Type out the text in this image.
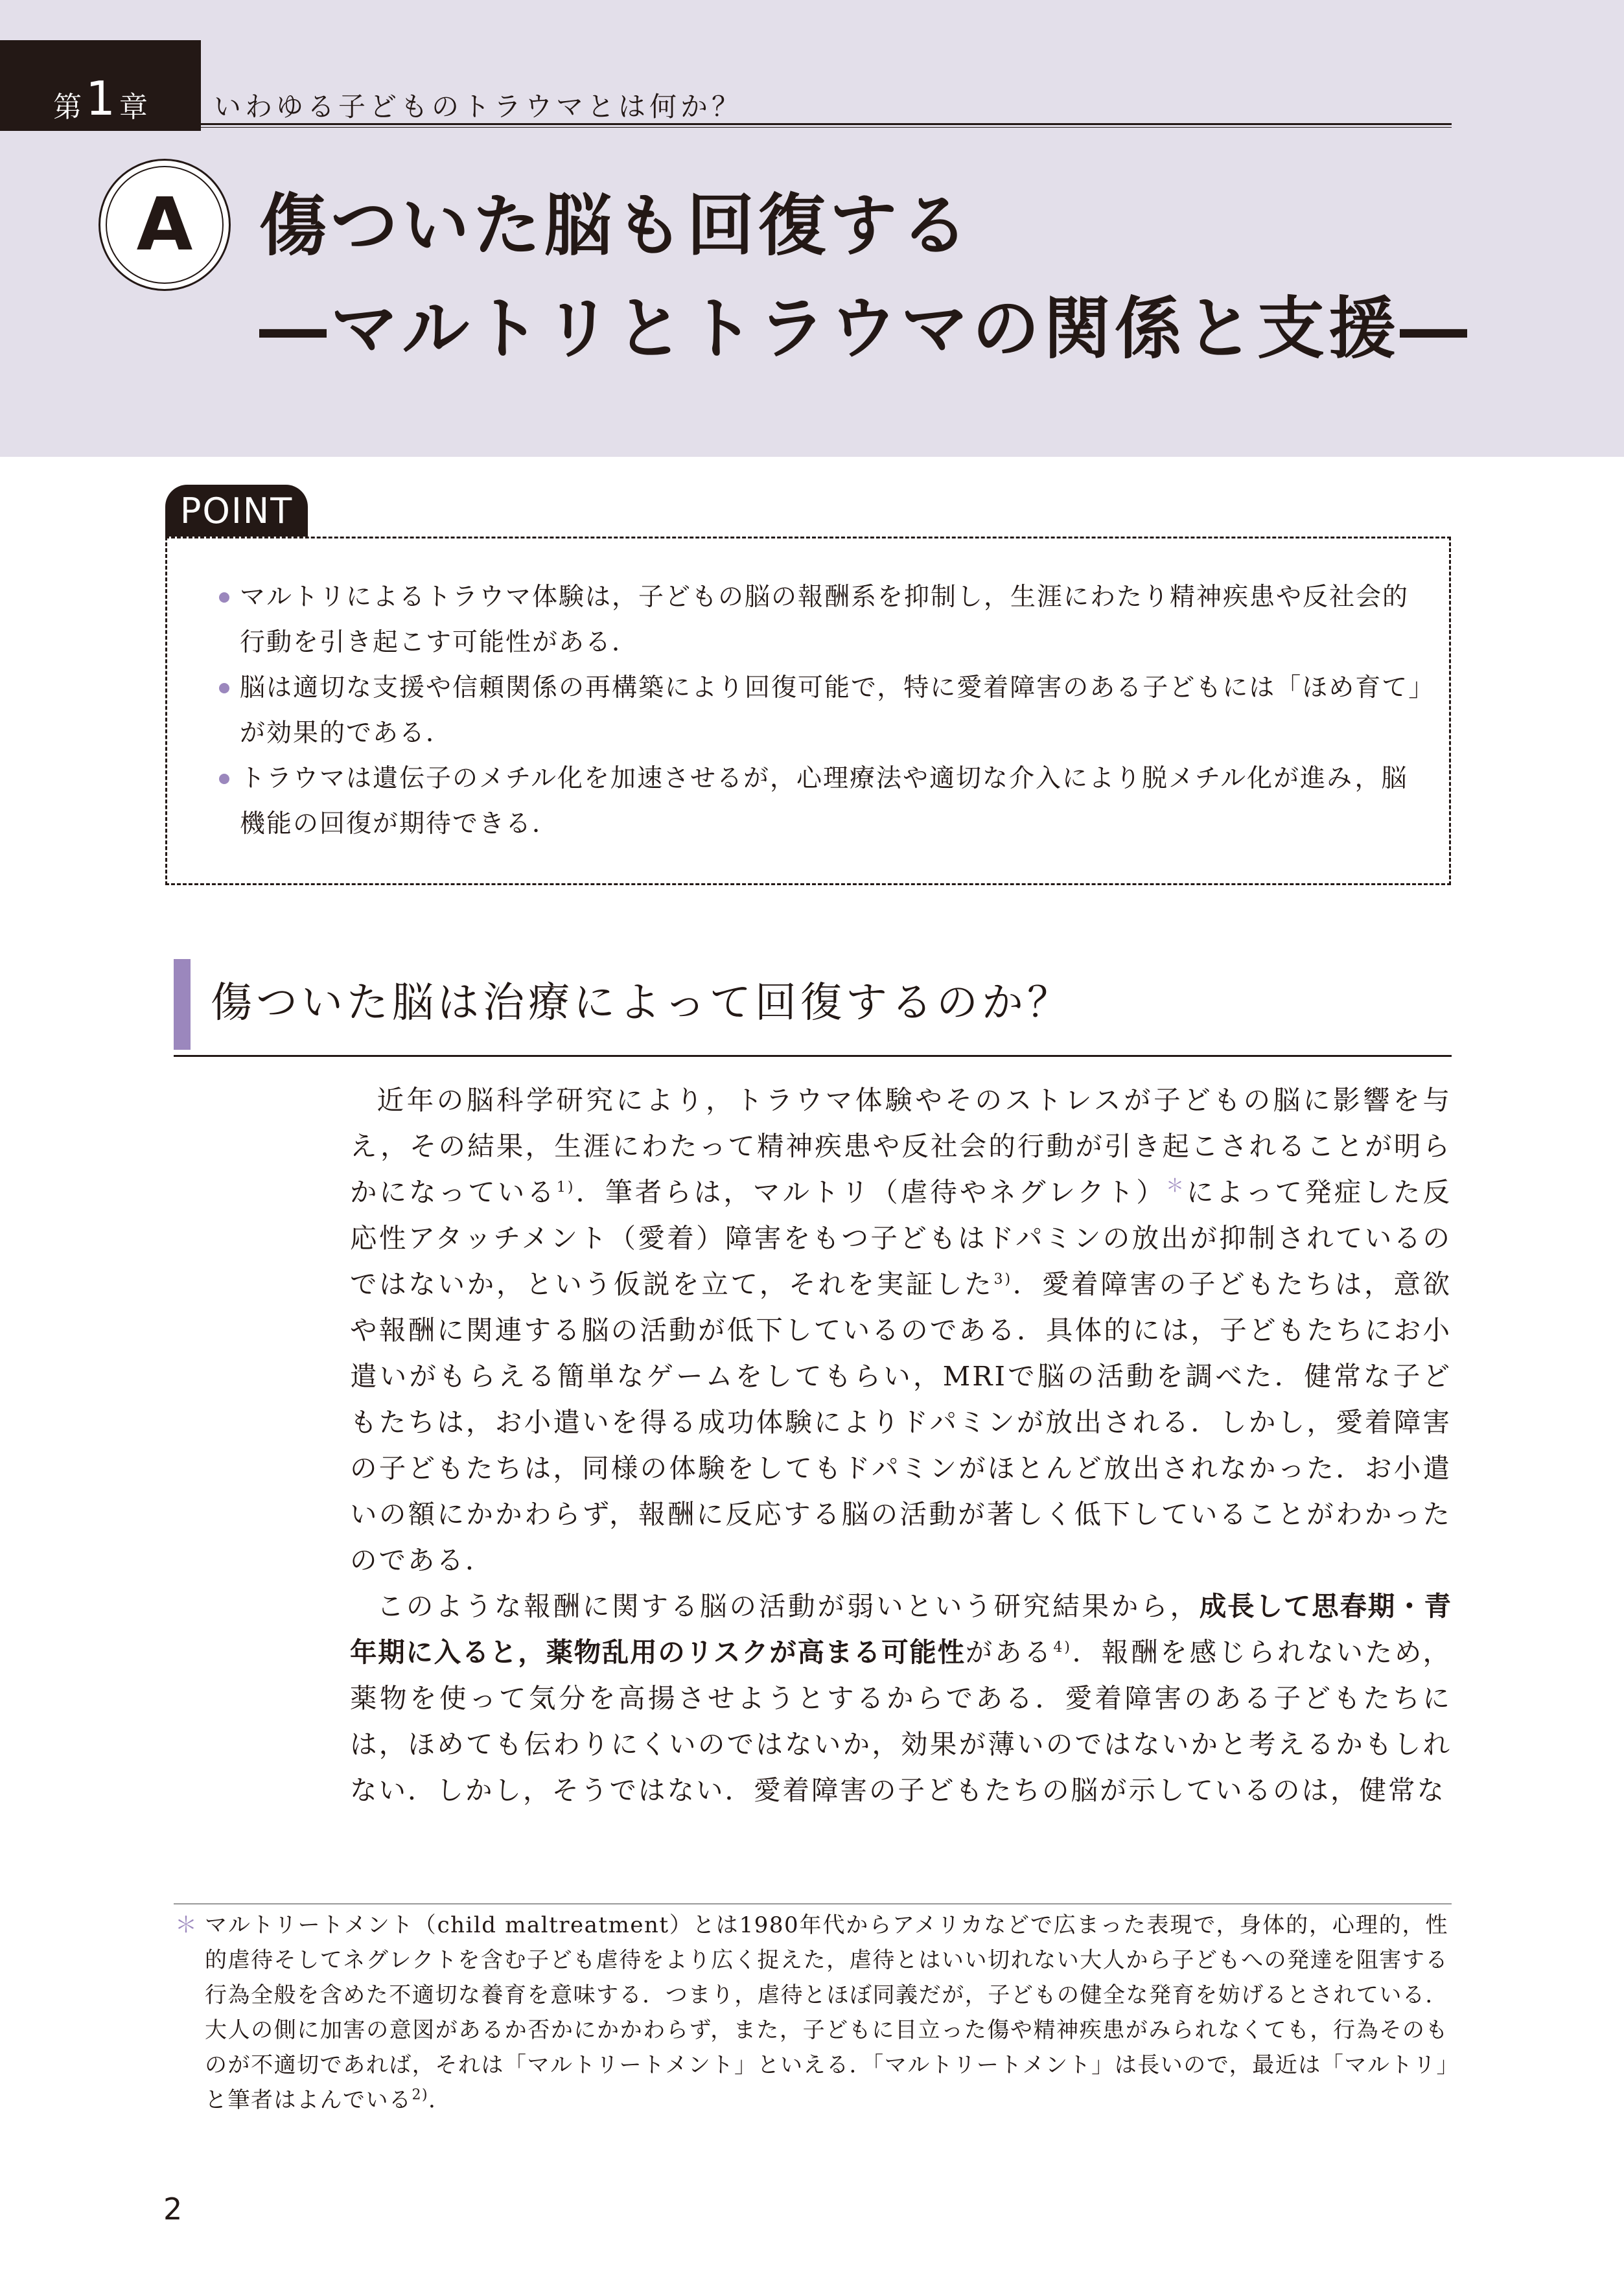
第 1 章 いわゆる子どものトラウマとは何か？
A 傷ついた脳も回復する
―マルトリとトラウマの関係と支援―
POINT
マルトリによるトラウマ体験は，子どもの脳の報酬系を抑制し，生涯にわたり精神疾患や反社会的行動を引き起こす可能性がある．
脳は適切な支援や信頼関係の再構築により回復可能で，特に愛着障害のある子どもには「ほめ育て」が効果的である．
トラウマは遺伝子のメチル化を加速させるが，心理療法や適切な介入により脱メチル化が進み，脳機能の回復が期待できる．
傷ついた脳は治療によって回復するのか？

近年の脳科学研究により，トラウマ体験やそのストレスが子どもの脳に影響を与え，その結果，生涯にわたって精神疾患や反社会的行動が引き起こされることが明らかになっている$^{1)}$．筆者らは，マルトリ（虐待やネグレクト）＊によって発症した反応性アタッチメント（愛着）障害をもつ子どもはドパミンの放出が抑制されているのではないか，という仮説を立て，それを実証した$^{3)}$．愛着障害の子どもたちは，意欲や報酬に関連する脳の活動が低下しているのである．具体的には，子どもたちにお小遣いがもらえる簡単なゲームをしてもらい，MRIで脳の活動を調べた．健常な子どもたちは，お小遣いを得る成功体験によりドパミンが放出される．しかし，愛着障害の子どもたちは，同様の体験をしてもドパミンがほとんど放出されなかった．お小遣いの額にかかわらず，報酬に反応する脳の活動が著しく低下していることがわかったのである．

このような報酬に関する脳の活動が弱いという研究結果から，成長して思春期・青年期に入ると，薬物乱用のリスクが高まる可能性がある$^{4)}$．報酬を感じられないため，薬物を使って気分を高揚させようとするからである．愛着障害のある子どもたちには，ほめても伝わりにくいのではないか，効果が薄いのではないかと考えるかもしれない．しかし，そうではない．愛着障害の子どもたちの脳が示しているのは，健常な

＊ マルトリートメント（child maltreatment）とは1980年代からアメリカなどで広まった表現で，身体的，心理的，性的虐待そしてネグレクトを含む子ども虐待をより広く捉えた，虐待とはいい切れない大人から子どもへの発達を阻害する行為全般を含めた不適切な養育を意味する．つまり，虐待とほぼ同義だが，子どもの健全な発育を妨げるとされている．大人の側に加害の意図があるか否かにかかわらず，また，子どもに目立った傷や精神疾患がみられなくても，行為そのものが不適切であれば，それは「マルトリートメント」といえる．「マルトリートメント」は長いので，最近は「マルトリ」と筆者はよんでいる$^{2)}$．
2
